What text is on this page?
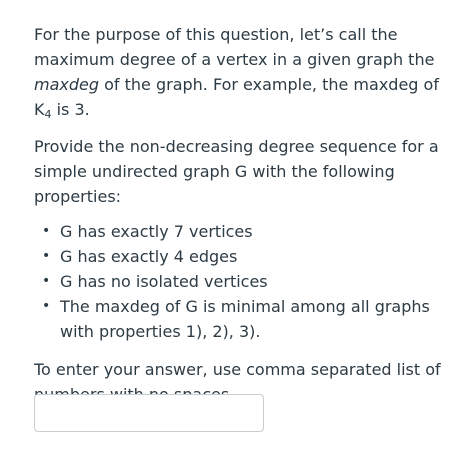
For the purpose of this question, let’s call the maximum degree of a vertex in a given graph the maxdeg of the graph. For example, the maxdeg of $K_4$ is 3.

Provide the non-decreasing degree sequence for a simple undirected graph G with the following properties:

• G has exactly 7 vertices
• G has exactly 4 edges
• G has no isolated vertices
• The maxdeg of G is minimal among all graphs with properties 1), 2), 3).

To enter your answer, use comma separated list of
